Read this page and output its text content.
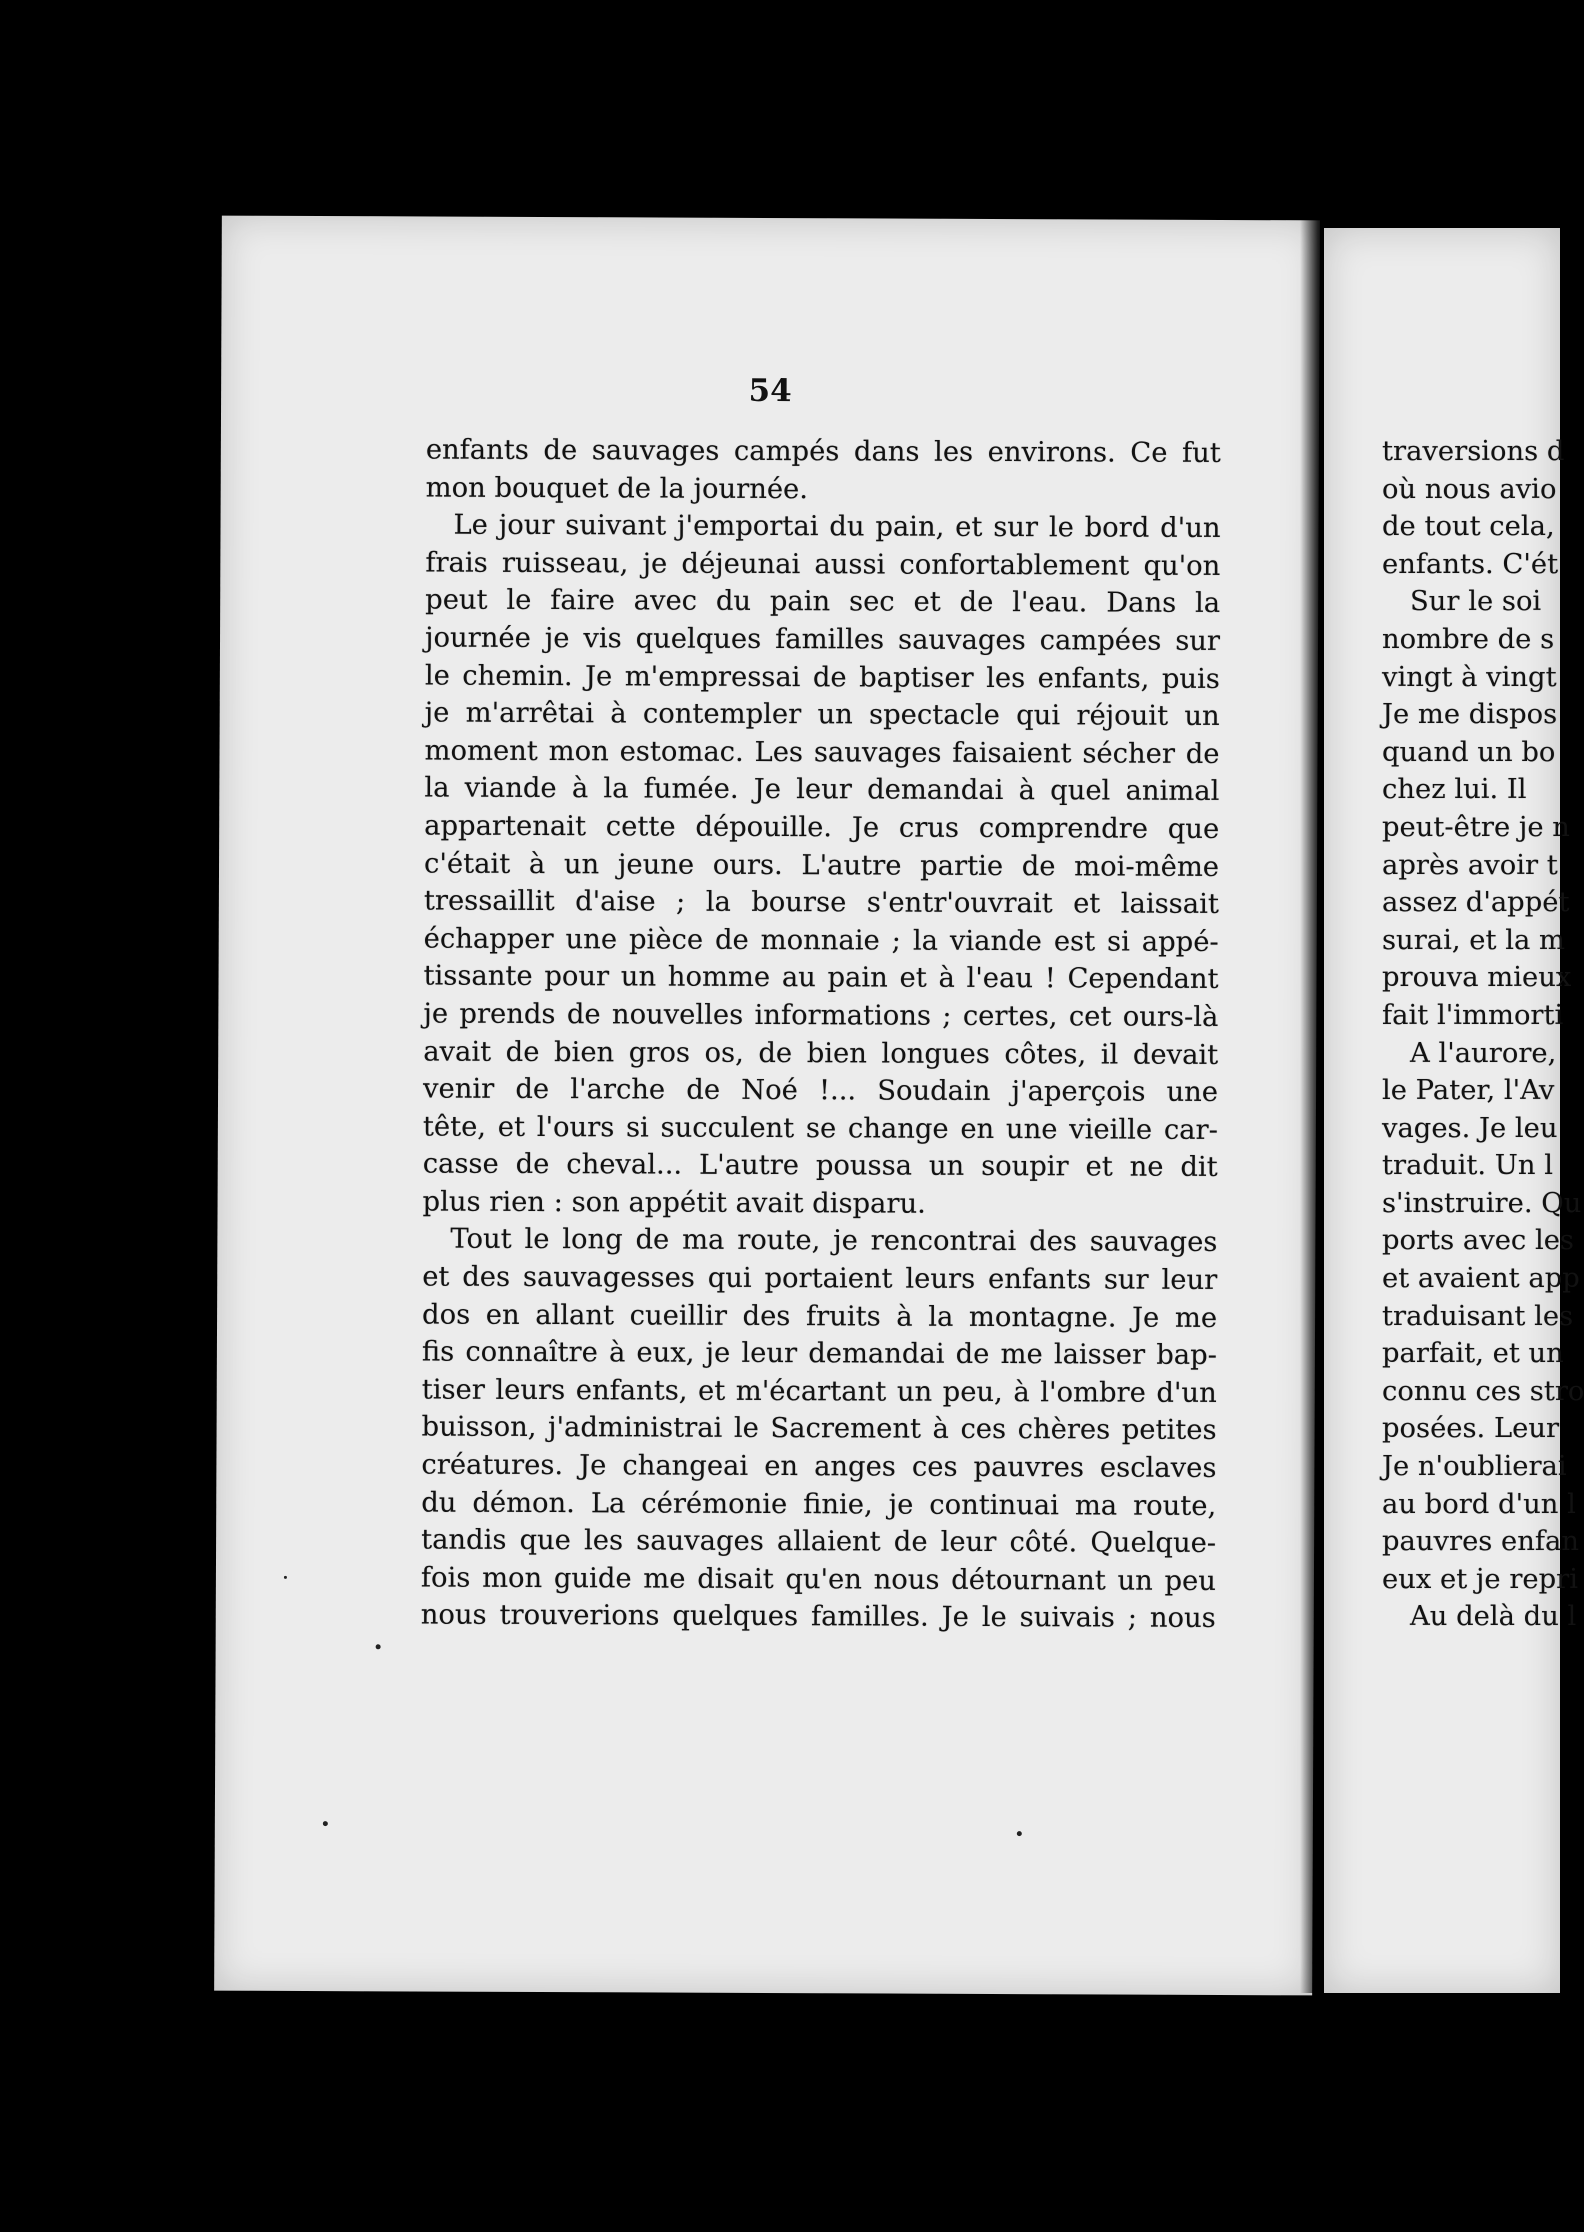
54
enfants de sauvages campés dans les environs. Ce fut
mon bouquet de la journée.
Le jour suivant j'emportai du pain, et sur le bord d'un
frais ruisseau, je déjeunai aussi confortablement qu'on
peut le faire avec du pain sec et de l'eau. Dans la
journée je vis quelques familles sauvages campées sur
le chemin. Je m'empressai de baptiser les enfants, puis
je m'arrêtai à contempler un spectacle qui réjouit un
moment mon estomac. Les sauvages faisaient sécher de
la viande à la fumée. Je leur demandai à quel animal
appartenait cette dépouille. Je crus comprendre que
c'était à un jeune ours. L'autre partie de moi-même
tressaillit d'aise ; la bourse s'entr'ouvrait et laissait
échapper une pièce de monnaie ; la viande est si appé-
tissante pour un homme au pain et à l'eau ! Cependant
je prends de nouvelles informations ; certes, cet ours-là
avait de bien gros os, de bien longues côtes, il devait
venir de l'arche de Noé !... Soudain j'aperçois une
tête, et l'ours si succulent se change en une vieille car-
casse de cheval... L'autre poussa un soupir et ne dit
plus rien : son appétit avait disparu.
Tout le long de ma route, je rencontrai des sauvages
et des sauvagesses qui portaient leurs enfants sur leur
dos en allant cueillir des fruits à la montagne. Je me
fis connaître à eux, je leur demandai de me laisser bap-
tiser leurs enfants, et m'écartant un peu, à l'ombre d'un
buisson, j'administrai le Sacrement à ces chères petites
créatures. Je changeai en anges ces pauvres esclaves
du démon. La cérémonie finie, je continuai ma route,
tandis que les sauvages allaient de leur côté. Quelque-
fois mon guide me disait qu'en nous détournant un peu
nous trouverions quelques familles. Je le suivais ; nous
traversions d
où nous avio
de tout cela,
enfants. C'ét
Sur le soi
nombre de s
vingt à vingt
Je me dispos
quand un bo
chez lui. Il
peut-être je n
après avoir t
assez d'appét
surai, et la m
prouva mieux
fait l'immorti
A l'aurore,
le Pater, l'Av
vages. Je leu
traduit. Un l
s'instruire. Qu
ports avec les
et avaient app
traduisant les
parfait, et un
connu ces stro
posées. Leur
Je n'oublierai
au bord d'un l
pauvres enfan
eux et je repri
Au delà du l
